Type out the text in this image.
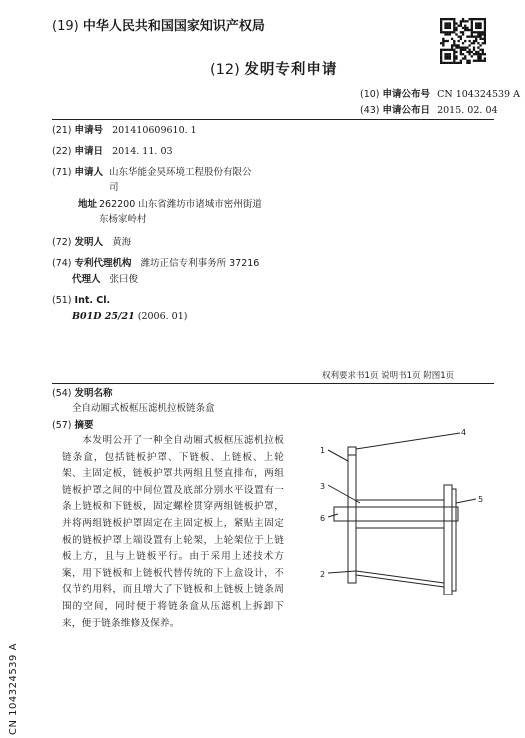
(19) 中华人民共和国国家知识产权局
(12) 发明专利申请
(10) 申请公布号 CN 104324539 A
(43) 申请公布日 2015. 02. 04
(21) 申请号 201410609610. 1
(22) 申请日 2014. 11. 03
(71) 申请人 山东华能金昊环境工程股份有限公
司
地址 262200 山东省潍坊市诸城市密州街道
东杨家岭村
(72) 发明人 黄海
(74) 专利代理机构 潍坊正信专利事务所 37216
代理人 张曰俊
(51) Int. Cl.
B01D 25/21 (2006. 01)
权利要求书1页 说明书1页 附图1页
(54) 发明名称
全自动厢式板框压滤机拉板链条盒
(57) 摘要
本发明公开了一种全自动厢式板框压滤机拉板链条盒，包括链板护罩、下链板、上链板、上轮架、主固定板，链板护罩共两组且竖直排布，两组链板护罩之间的中间位置及底部分别水平设置有一条上链板和下链板，固定螺栓贯穿两组链板护罩，并将两组链板护罩固定在主固定板上，紧贴主固定板的链板护罩上端设置有上轮架，上轮架位于上链板上方，且与上链板平行。由于采用上述技术方案，用下链板和上链板代替传统的下上盒设计，不仅节约用料，而且增大了下链板和上链板上链条周围的空间，同时便于将链条盒从压滤机上拆卸下来，便于链条维修及保养。
1
2
3
4
5
6
CN 104324539 A
